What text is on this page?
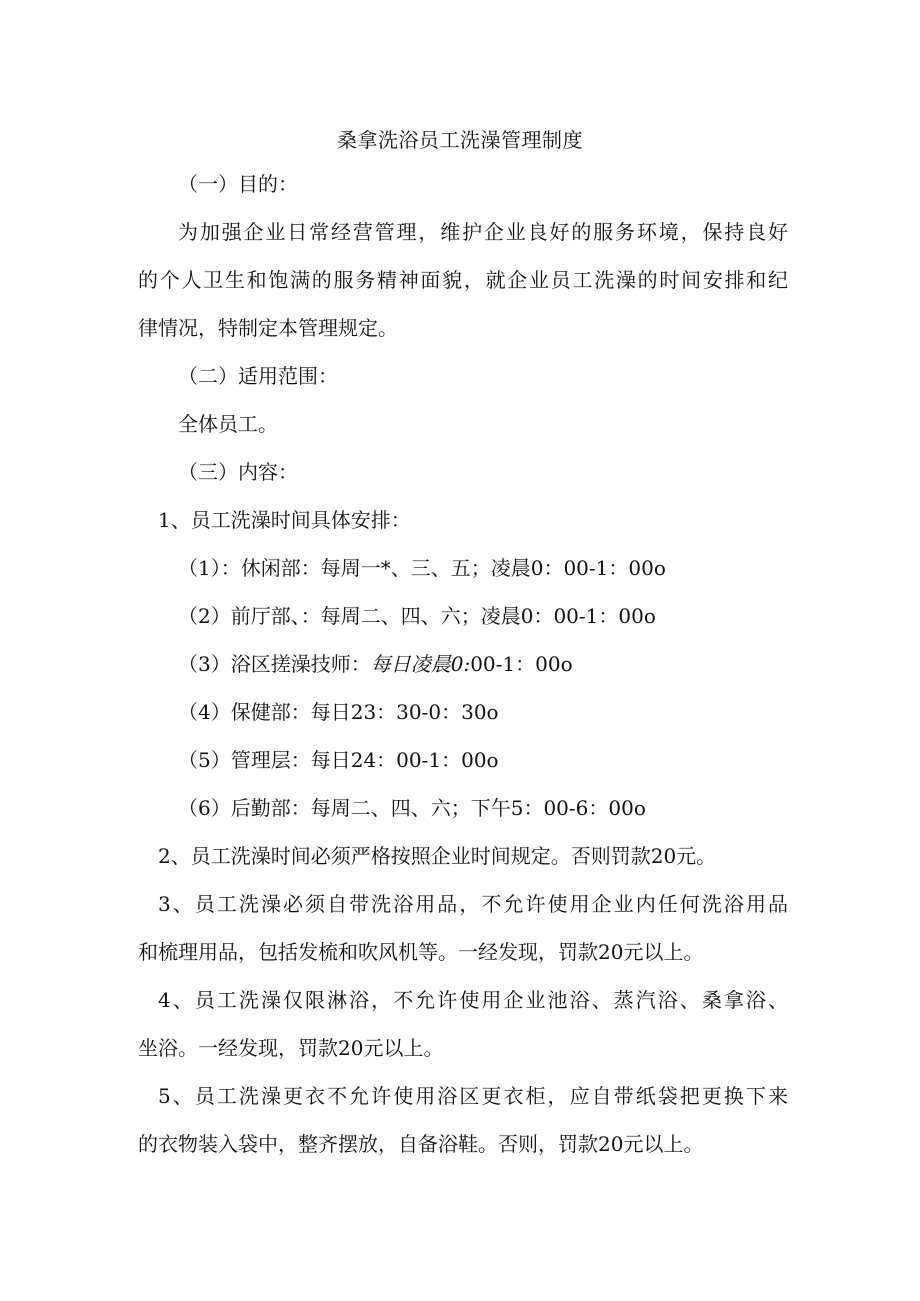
桑拿洗浴员工洗澡管理制度
（一）目的：
为加强企业日常经营管理，维护企业良好的服务环境，保持良好
的个人卫生和饱满的服务精神面貌，就企业员工洗澡的时间安排和纪
律情况，特制定本管理规定。
（二）适用范围：
全体员工。
（三）内容：
1、员工洗澡时间具体安排：
（1）：休闲部：每周一*、三、五；凌晨0：00-1：00o
（2）前厅部、：每周二、四、六；凌晨0：00-1：00o
（3）浴区搓澡技师：每日凌晨0:00-1：00o
（4）保健部：每日23：30-0：30o
（5）管理层：每日24：00-1：00o
（6）后勤部：每周二、四、六；下午5：00-6：00o
2、员工洗澡时间必须严格按照企业时间规定。否则罚款20元。
3、员工洗澡必须自带洗浴用品，不允许使用企业内任何洗浴用品
和梳理用品，包括发梳和吹风机等。一经发现，罚款20元以上。
4、员工洗澡仅限淋浴，不允许使用企业池浴、蒸汽浴、桑拿浴、
坐浴。一经发现，罚款20元以上。
5、员工洗澡更衣不允许使用浴区更衣柜，应自带纸袋把更换下来
的衣物装入袋中，整齐摆放，自备浴鞋。否则，罚款20元以上。
